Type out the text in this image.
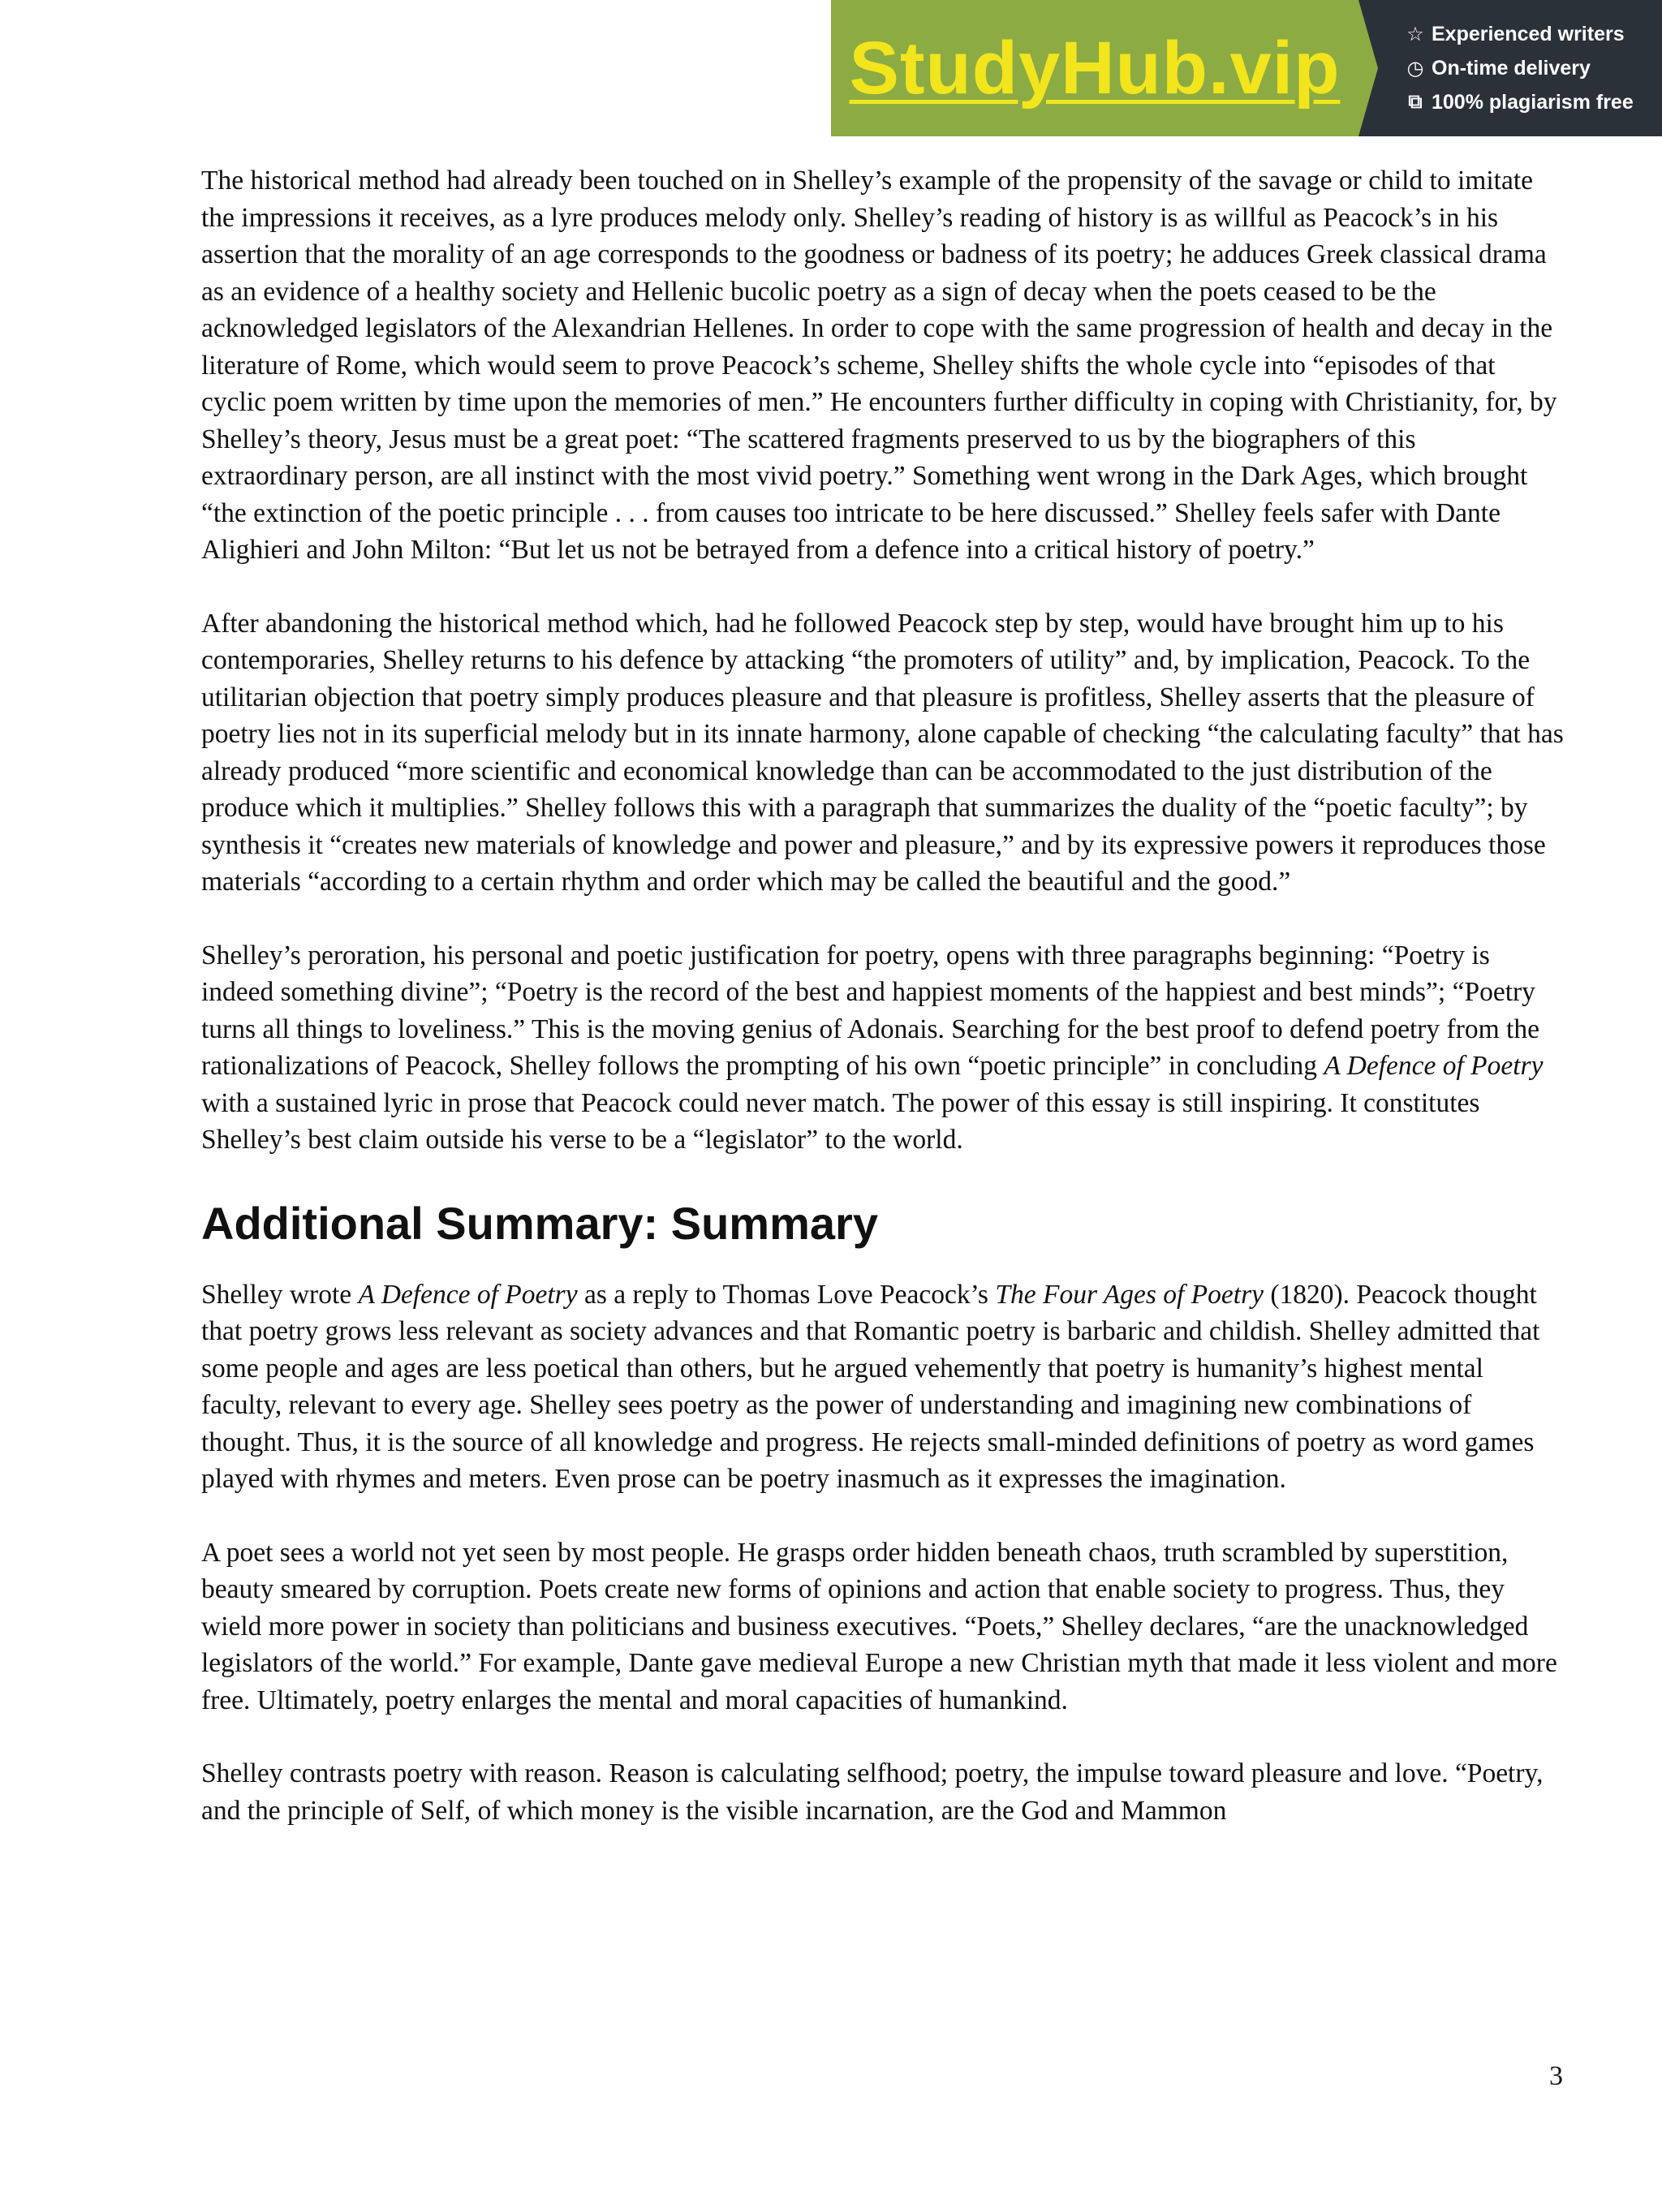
StudyHub.vip	☆ Experienced writers
◷ On-time delivery
⧉ 100% plagiarism free

The historical method had already been touched on in Shelley’s example of the propensity of the savage or child to imitate the impressions it receives, as a lyre produces melody only. Shelley’s reading of history is as willful as Peacock’s in his assertion that the morality of an age corresponds to the goodness or badness of its poetry; he adduces Greek classical drama as an evidence of a healthy society and Hellenic bucolic poetry as a sign of decay when the poets ceased to be the acknowledged legislators of the Alexandrian Hellenes. In order to cope with the same progression of health and decay in the literature of Rome, which would seem to prove Peacock’s scheme, Shelley shifts the whole cycle into “episodes of that cyclic poem written by time upon the memories of men.” He encounters further difficulty in coping with Christianity, for, by Shelley’s theory, Jesus must be a great poet: “The scattered fragments preserved to us by the biographers of this extraordinary person, are all instinct with the most vivid poetry.” Something went wrong in the Dark Ages, which brought “the extinction of the poetic principle . . . from causes too intricate to be here discussed.” Shelley feels safer with Dante Alighieri and John Milton: “But let us not be betrayed from a defence into a critical history of poetry.”

After abandoning the historical method which, had he followed Peacock step by step, would have brought him up to his contemporaries, Shelley returns to his defence by attacking “the promoters of utility” and, by implication, Peacock. To the utilitarian objection that poetry simply produces pleasure and that pleasure is profitless, Shelley asserts that the pleasure of poetry lies not in its superficial melody but in its innate harmony, alone capable of checking “the calculating faculty” that has already produced “more scientific and economical knowledge than can be accommodated to the just distribution of the produce which it multiplies.” Shelley follows this with a paragraph that summarizes the duality of the “poetic faculty”; by synthesis it “creates new materials of knowledge and power and pleasure,” and by its expressive powers it reproduces those materials “according to a certain rhythm and order which may be called the beautiful and the good.”

Shelley’s peroration, his personal and poetic justification for poetry, opens with three paragraphs beginning: “Poetry is indeed something divine”; “Poetry is the record of the best and happiest moments of the happiest and best minds”; “Poetry turns all things to loveliness.” This is the moving genius of Adonais. Searching for the best proof to defend poetry from the rationalizations of Peacock, Shelley follows the prompting of his own “poetic principle” in concluding A Defence of Poetry with a sustained lyric in prose that Peacock could never match. The power of this essay is still inspiring. It constitutes Shelley’s best claim outside his verse to be a “legislator” to the world.

Additional Summary: Summary

Shelley wrote A Defence of Poetry as a reply to Thomas Love Peacock’s The Four Ages of Poetry (1820). Peacock thought that poetry grows less relevant as society advances and that Romantic poetry is barbaric and childish. Shelley admitted that some people and ages are less poetical than others, but he argued vehemently that poetry is humanity’s highest mental faculty, relevant to every age. Shelley sees poetry as the power of understanding and imagining new combinations of thought. Thus, it is the source of all knowledge and progress. He rejects small-minded definitions of poetry as word games played with rhymes and meters. Even prose can be poetry inasmuch as it expresses the imagination.

A poet sees a world not yet seen by most people. He grasps order hidden beneath chaos, truth scrambled by superstition, beauty smeared by corruption. Poets create new forms of opinions and action that enable society to progress. Thus, they wield more power in society than politicians and business executives. “Poets,” Shelley declares, “are the unacknowledged legislators of the world.” For example, Dante gave medieval Europe a new Christian myth that made it less violent and more free. Ultimately, poetry enlarges the mental and moral capacities of humankind.

Shelley contrasts poetry with reason. Reason is calculating selfhood; poetry, the impulse toward pleasure and love. “Poetry, and the principle of Self, of which money is the visible incarnation, are the God and Mammon

3
